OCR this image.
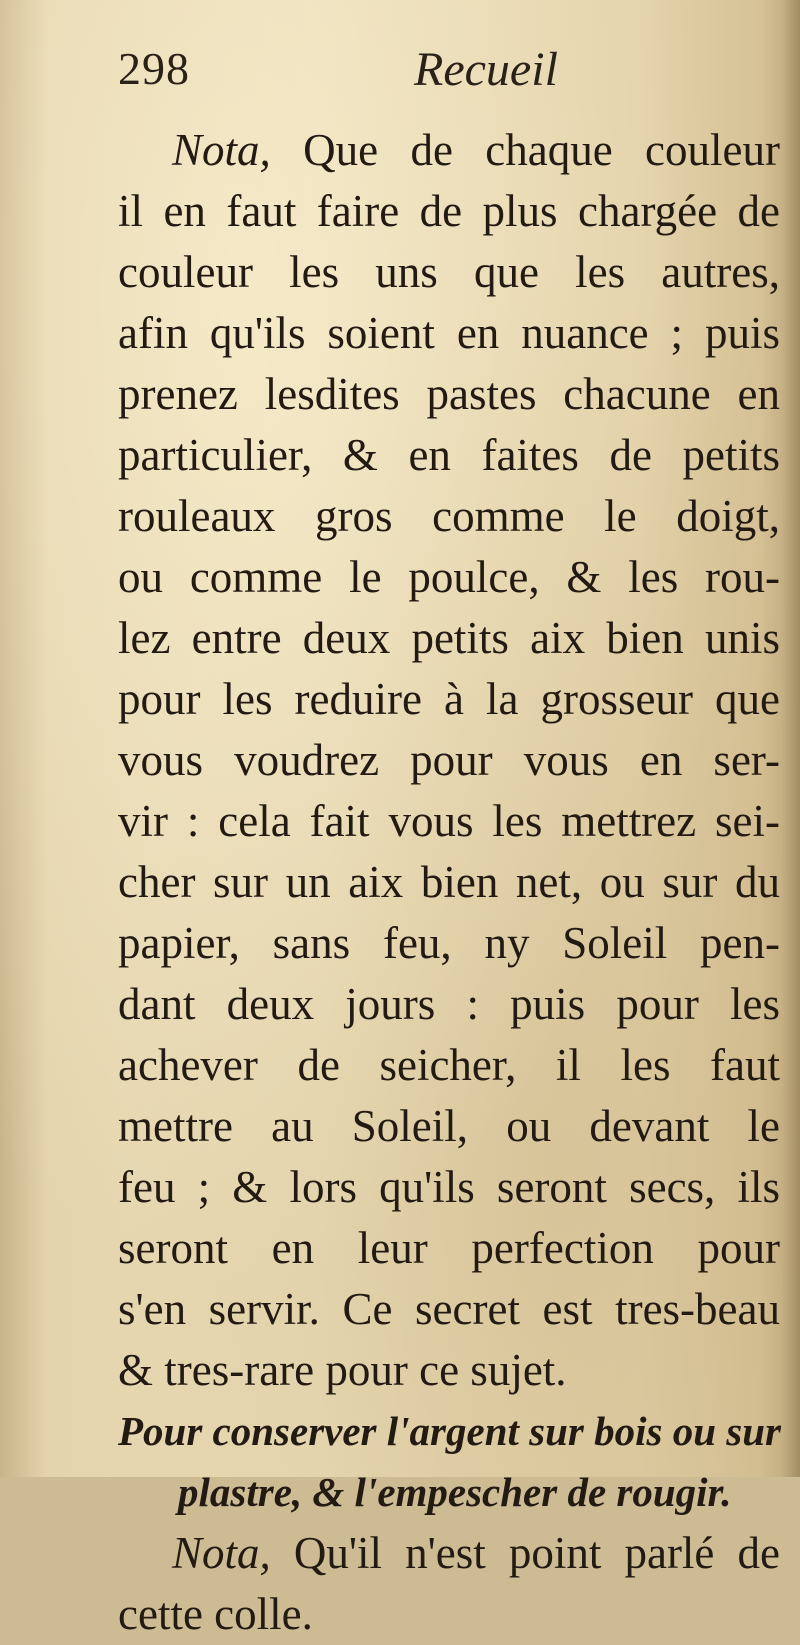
298	Recueil
Nota, Que de chaque couleur
il en faut faire de plus chargée de
couleur les uns que les autres,
afin qu'ils soient en nuance ; puis
prenez lesdites pastes chacune en
particulier, & en faites de petits
rouleaux gros comme le doigt,
ou comme le poulce, & les rou-
lez entre deux petits aix bien unis
pour les reduire à la grosseur que
vous voudrez pour vous en ser-
vir : cela fait vous les mettrez sei-
cher sur un aix bien net, ou sur du
papier, sans feu, ny Soleil pen-
dant deux jours : puis pour les
achever de seicher, il les faut
mettre au Soleil, ou devant le
feu ; & lors qu'ils seront secs, ils
seront en leur perfection pour
s'en servir. Ce secret est tres-beau
& tres-rare pour ce sujet.
Pour conserver l'argent sur bois ou sur
plastre, & l'empescher de rougir.
Nota, Qu'il n'est point parlé de
cette colle.
